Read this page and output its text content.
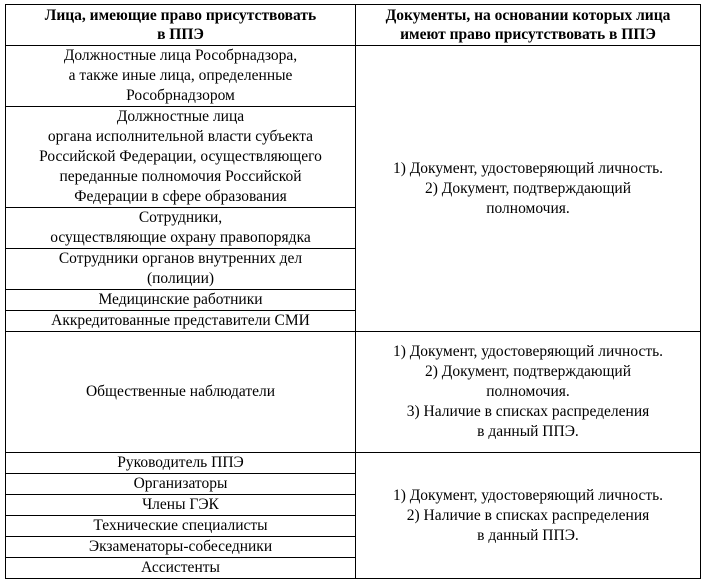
Лица, имеющие право присутствовать
в ППЭ	Документы, на основании которых лица
имеют право присутствовать в ППЭ

Должностные лица Рособрнадзора,
а также иные лица, определенные
Рособрнадзором	1) Документ, удостоверяющий личность.
2) Документ, подтверждающий
полномочия.

Должностные лица
органа исполнительной власти субъекта
Российской Федерации, осуществляющего
переданные полномочия Российской
Федерации в сфере образования	

Сотрудники,
осуществляющие охрану правопорядка	

Сотрудники органов внутренних дел
(полиции)	

Медицинские работники	

Аккредитованные представители СМИ	

Общественные наблюдатели	1) Документ, удостоверяющий личность.
2) Документ, подтверждающий
полномочия.
3) Наличие в списках распределения
в данный ППЭ.

Руководитель ППЭ	1) Документ, удостоверяющий личность.
2) Наличие в списках распределения
в данный ППЭ.

Организаторы	

Члены ГЭК	

Технические специалисты	

Экзаменаторы-собеседники	

Ассистенты	
